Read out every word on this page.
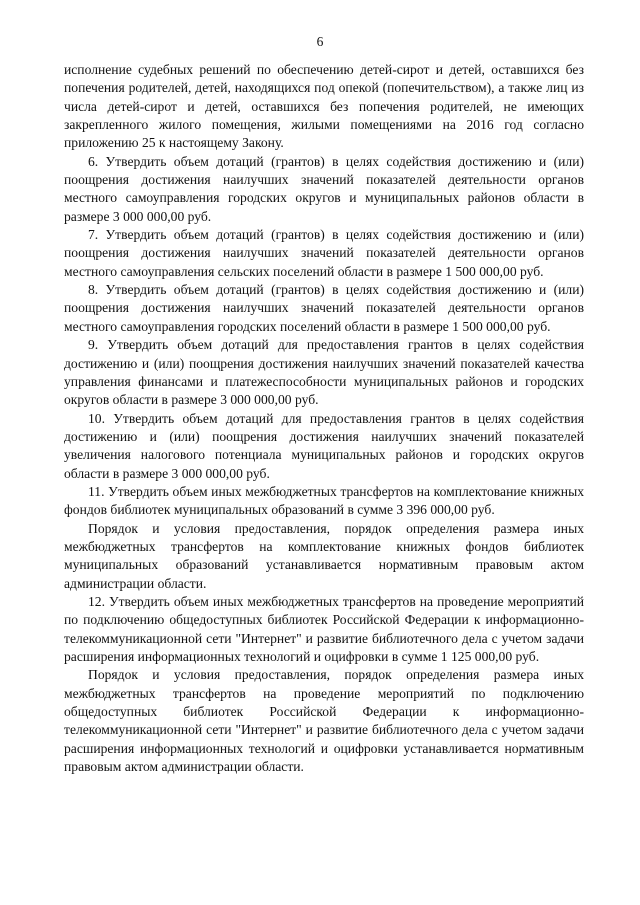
6

исполнение судебных решений по обеспечению детей-сирот и детей, оставшихся без попечения родителей, детей, находящихся под опекой (попечительством), а также лиц из числа детей-сирот и детей, оставшихся без попечения родителей, не имеющих закрепленного жилого помещения, жилыми помещениями на 2016 год согласно приложению 25 к настоящему Закону.

6. Утвердить объем дотаций (грантов) в целях содействия достижению и (или) поощрения достижения наилучших значений показателей деятельности органов местного самоуправления городских округов и муниципальных районов области в размере 3 000 000,00 руб.

7. Утвердить объем дотаций (грантов) в целях содействия достижению и (или) поощрения достижения наилучших значений показателей деятельности органов местного самоуправления сельских поселений области в размере 1 500 000,00 руб.

8. Утвердить объем дотаций (грантов) в целях содействия достижению и (или) поощрения достижения наилучших значений показателей деятельности органов местного самоуправления городских поселений области в размере 1 500 000,00 руб.

9. Утвердить объем дотаций для предоставления грантов в целях содействия достижению и (или) поощрения достижения наилучших значений показателей качества управления финансами и платежеспособности муниципальных районов и городских округов области в размере 3 000 000,00 руб.

10. Утвердить объем дотаций для предоставления грантов в целях содействия достижению и (или) поощрения достижения наилучших значений показателей увеличения налогового потенциала муниципальных районов и городских округов области в размере 3 000 000,00 руб.

11. Утвердить объем иных межбюджетных трансфертов на комплектование книжных фондов библиотек муниципальных образований в сумме 3 396 000,00 руб.

Порядок и условия предоставления, порядок определения размера иных межбюджетных трансфертов на комплектование книжных фондов библиотек муниципальных образований устанавливается нормативным правовым актом администрации области.

12. Утвердить объем иных межбюджетных трансфертов на проведение мероприятий по подключению общедоступных библиотек Российской Федерации к информационно-телекоммуникационной сети "Интернет" и развитие библиотечного дела с учетом задачи расширения информационных технологий и оцифровки в сумме 1 125 000,00 руб.

Порядок и условия предоставления, порядок определения размера иных межбюджетных трансфертов на проведение мероприятий по подключению общедоступных библиотек Российской Федерации к информационно-телекоммуникационной сети "Интернет" и развитие библиотечного дела с учетом задачи расширения информационных технологий и оцифровки устанавливается нормативным правовым актом администрации области.
